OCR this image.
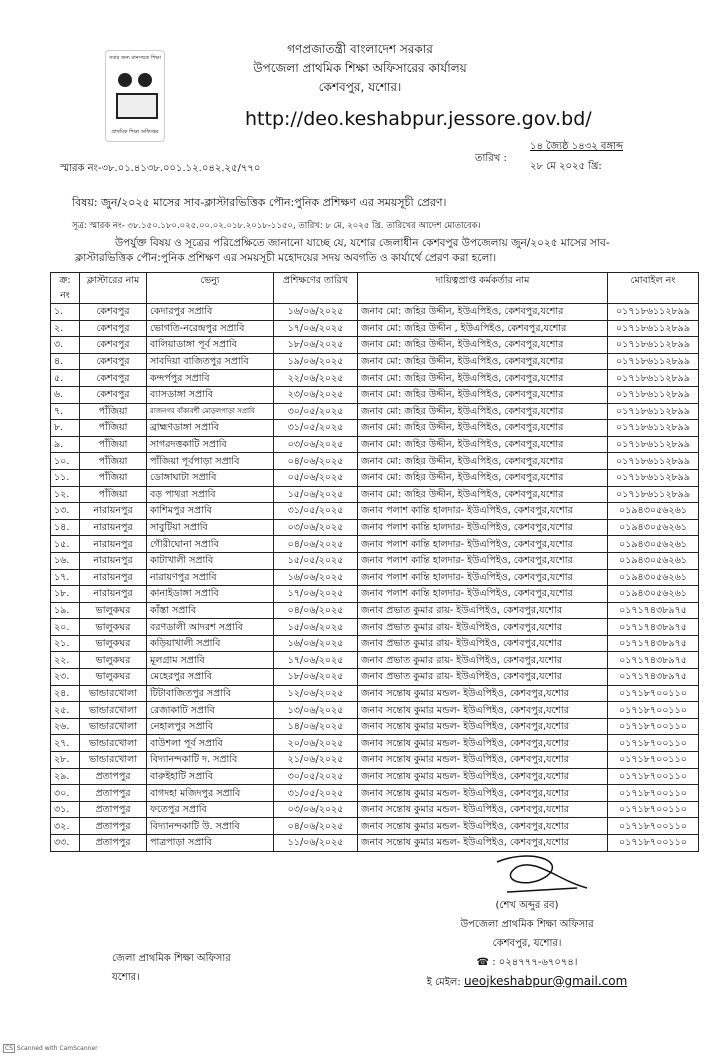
সবার জন্য মানসম্মত শিক্ষা
প্রাথমিক শিক্ষা অধিদপ্তর
গণপ্রজাতন্ত্রী বাংলাদেশ সরকার
উপজেলা প্রাথমিক শিক্ষা অফিসারের কার্যালয়
কেশবপুর, যশোর।
http://deo.keshabpur.jessore.gov.bd/
স্মারক নং-৩৮.০১.৪১৩৮.০০১.১২.০৪২.২৫/৭৭০
তারিখ :
১৪ জ্যৈষ্ঠ ১৪৩২ বঙ্গাব্দ
২৮ মে ২০২৫ খ্রি:
বিষয়: জুন/২০২৫ মাসের সাব-ক্লাস্টারভিত্তিক পৌন:পুনিক প্রশিক্ষণ এর সময়সূচী প্রেরণ।
সূত্র: স্মারক নং- ৩৮.১৫০.১৮০.০২৫.০০.০২.০১৮.২০১৮-১১৫০, তারিখ: ৮ মে, ২০২৫ খ্রি. তারিখের আদেশ মোতাবেক।
উপর্যুক্ত বিষয় ও সূত্রের পরিপ্রেক্ষিতে জানানো যাচ্ছে যে, যশোর জেলাধীন কেশবপুর উপজেলায় জুন/২০২৫ মাসের সাব-
ক্লাস্টারভিত্তিক পৌন:পুনিক প্রশিক্ষণ এর সময়সূচী মহোদয়ের সদয় অবগতি ও কার্যার্থে প্রেরণ করা হলো।
ক্র: নং	ক্লাস্টারের নাম	ভেন্যু	প্রশিক্ষণের তারিখ	দায়িত্বপ্রাপ্ত কর্মকর্তার নাম	মোবাইল নং
১.	কেশবপুর	কেদারপুর সপ্রাবি	১৬/০৬/২০২৫	জনাব মো: জহির উদ্দীন, ইউএপিইও, কেশবপুর,যশোর	০১৭১৮৬১১২৮৯৯
২.	কেশবপুর	ভোগতি-নরেন্দ্রপুর সপ্রাবি	১৭/০৬/২০২৫	জনাব মো: জহির উদ্দীন , ইউএপিইও, কেশবপুর,যশোর	০১৭১৮৬১১২৮৯৯
৩.	কেশবপুর	বালিয়াডাঙ্গা পূর্ব সপ্রাবি	১৮/০৬/২০২৫	জনাব মো: জহির উদ্দীন, ইউএপিইও, কেশবপুর,যশোর	০১৭১৮৬১১২৮৯৯
৪.	কেশবপুর	সাবদিয়া বাজিতপুর সপ্রাবি	১৯/০৬/২০২৫	জনাব মো: জহির উদ্দীন, ইউএপিইও, কেশবপুর,যশোর	০১৭১৮৬১১২৮৯৯
৫.	কেশবপুর	কন্দর্পপুর সপ্রাবি	২২/০৬/২০২৫	জনাব মো: জহির উদ্দীন, ইউএপিইও, কেশবপুর,যশোর	০১৭১৮৬১১২৮৯৯
৬.	কেশবপুর	ব্যাসডাঙ্গা সপ্রাবি	২৩/০৬/২০২৫	জনাব মো: জহির উদ্দীন, ইউএপিইও, কেশবপুর,যশোর	০১৭১৮৬১১২৮৯৯
৭.	পাঁজিয়া	রাজনগর বাঁকাবর্শী মোড়লপাড়া সপ্রাবি	৩০/০৫/২০২৫	জনাব মো: জহির উদ্দীন, ইউএপিইও, কেশবপুর,যশোর	০১৭১৮৬১১২৮৯৯
৮.	পাঁজিয়া	ব্রাহ্মণডাঙ্গা সপ্রাবি	৩১/০৫/২০২৫	জনাব মো: জহির উদ্দীন, ইউএপিইও, কেশবপুর,যশোর	০১৭১৮৬১১২৮৯৯
৯.	পাঁজিয়া	সাগরদত্তকাটি সপ্রাবি	০৩/০৬/২০২৫	জনাব মো: জহির উদ্দীন, ইউএপিইও, কেশবপুর,যশোর	০১৭১৮৬১১২৮৯৯
১০.	পাঁজিয়া	পাঁজিয়া পূর্বপাড়া সপ্রাবি	০৪/০৬/২০২৫	জনাব মো: জহির উদ্দীন, ইউএপিইও, কেশবপুর,যশোর	০১৭১৮৬১১২৮৯৯
১১.	পাঁজিয়া	ডোঙ্গাঘাটা সপ্রাবি	০৫/০৬/২০২৫	জনাব মো: জহির উদ্দীন, ইউএপিইও, কেশবপুর,যশোর	০১৭১৮৬১১২৮৯৯
১২.	পাঁজিয়া	বড় পাথরা সপ্রাবি	১৫/০৬/২০২৫	জনাব মো: জহির উদ্দীন, ইউএপিইও, কেশবপুর,যশোর	০১৭১৮৬১১২৮৯৯
১৩.	নারায়নপুর	কাশিমপুর সপ্রাবি	৩১/০৫/২০২৫	জনাব পলাশ কান্তি হালদার- ইউএপিইও, কেশবপুর,যশোর	০১৯৪৩০৫৬২৬১
১৪.	নারায়নপুর	সাবুটিয়া সপ্রাবি	০৩/০৬/২০২৫	জনাব পলাশ কান্তি হালদার- ইউএপিইও, কেশবপুর,যশোর	০১৯৪৩০৫৬২৬১
১৫.	নারায়নপুর	গৌরীঘোনা সপ্রাবি	০৪/০৬/২০২৫	জনাব পলাশ কান্তি হালদার- ইউএপিইও, কেশবপুর,যশোর	০১৯৪৩০৫৬২৬১
১৬.	নারায়নপুর	কাটাখালী সপ্রাবি	১৫/০৫/২০২৫	জনাব পলাশ কান্তি হালদার- ইউএপিইও, কেশবপুর,যশোর	০১৯৪৩০৫৬২৬১
১৭.	নারায়নপুর	নারায়ণপুর সপ্রাবি	১৬/০৬/২০২৫	জনাব পলাশ কান্তি হালদার- ইউএপিইও, কেশবপুর,যশোর	০১৯৪৩০৫৬২৬১
১৮.	নারায়নপুর	কানাইডাঙ্গা সপ্রাবি	১৭/০৬/২০২৫	জনাব পলাশ কান্তি হালদার- ইউএপিইও, কেশবপুর,যশোর	০১৯৪৩০৫৬২৬১
১৯.	ভালুকঘর	কাঁস্তা সপ্রাবি	০৪/০৬/২০২৫	জনাব প্রভাত কুমার রায়- ইউএপিইও, কেশবপুর,যশোর	০১৭১৭৪৩৮৯৭৫
২০.	ভালুকঘর	বরণডালী আদরশ সপ্রাবি	১৫/০৬/২০২৫	জনাব প্রভাত কুমার রায়- ইউএপিইও, কেশবপুর,যশোর	০১৭১৭৪৩৮৯৭৫
২১.	ভালুকঘর	কড়িয়াখালী সপ্রাবি	১৬/০৬/২০২৫	জনাব প্রভাত কুমার রায়- ইউএপিইও, কেশবপুর,যশোর	০১৭১৭৪৩৮৯৭৫
২২.	ভালুকঘর	মূলগ্রাম সপ্রাবি	১৭/০৬/২০২৫	জনাব প্রভাত কুমার রায়- ইউএপিইও, কেশবপুর,যশোর	০১৭১৭৪৩৮৯৭৫
২৩.	ভালুকঘর	মেহেরপুর সপ্রাবি	১৮/০৬/২০২৫	জনাব প্রভাত কুমার রায়- ইউএপিইও, কেশবপুর,যশোর	০১৭১৭৪৩৮৯৭৫
২৪.	ভান্ডারখোলা	টিটাবাজিতপুর সপ্রাবি	১২/০৬/২০২৫	জনাব সন্তোষ কুমার মন্ডল- ইউএপিইও, কেশবপুর,যশোর	০১৭১৮৭০০১১০
২৫.	ভান্ডারখোলা	রেজাকাটি সপ্রাবি	১৩/০৬/২০২৫	জনাব সন্তোষ কুমার মন্ডল- ইউএপিইও, কেশবপুর,যশোর	০১৭১৮৭০০১১০
২৬.	ভান্ডারখোলা	নেহালপুর সপ্রাবি	১৪/০৬/২০২৫	জনাব সন্তোষ কুমার মন্ডল- ইউএপিইও, কেশবপুর,যশোর	০১৭১৮৭০০১১০
২৭.	ভান্ডারখোলা	বাউশলা পূর্ব সপ্রাবি	২০/০৬/২০২৫	জনাব সন্তোষ কুমার মন্ডল- ইউএপিইও, কেশবপুর,যশোর	০১৭১৮৭০০১১০
২৮.	ভান্ডারখোলা	বিদ্যানন্দকাটি দ. সপ্রাবি	২১/০৬/২০২৫	জনাব সন্তোষ কুমার মন্ডল- ইউএপিইও, কেশবপুর,যশোর	০১৭১৮৭০০১১০
২৯.	প্রতাপপুর	বারুইহাটি সপ্রাবি	৩০/০৫/২০২৫	জনাব সন্তোষ কুমার মন্ডল- ইউএপিইও, কেশবপুর,যশোর	০১৭১৮৭০০১১০
৩০.	প্রতাপপুর	বাগদহা মজিদপুর সপ্রাবি	৩১/০৫/২০২৫	জনাব সন্তোষ কুমার মন্ডল- ইউএপিইও, কেশবপুর,যশোর	০১৭১৮৭০০১১০
৩১.	প্রতাপপুর	ফতেপুর সপ্রাবি	০৩/০৬/২০২৫	জনাব সন্তোষ কুমার মন্ডল- ইউএপিইও, কেশবপুর,যশোর	০১৭১৮৭০০১১০
৩২.	প্রতাপপুর	বিদ্যানন্দকাটি উ. সপ্রাবি	০৪/০৬/২০২৫	জনাব সন্তোষ কুমার মন্ডল- ইউএপিইও, কেশবপুর,যশোর	০১৭১৮৭০০১১০
৩৩.	প্রতাপপুর	পাত্রপাড়া সপ্রাবি	১১/০৬/২০২৫	জনাব সন্তোষ কুমার মন্ডল- ইউএপিইও, কেশবপুর,যশোর	০১৭১৮৭০০১১০
জেলা প্রাথমিক শিক্ষা অফিসার
যশোর।
(শেখ অব্দুর রব)
উপজেলা প্রাথমিক শিক্ষা অফিসার
কেশবপুর, যশোর।
☎ : ০২৪৭৭৭-৬৭০৭৪।
ই মেইল: ueojkeshabpur@gmail.com
CS Scanned with CamScanner
